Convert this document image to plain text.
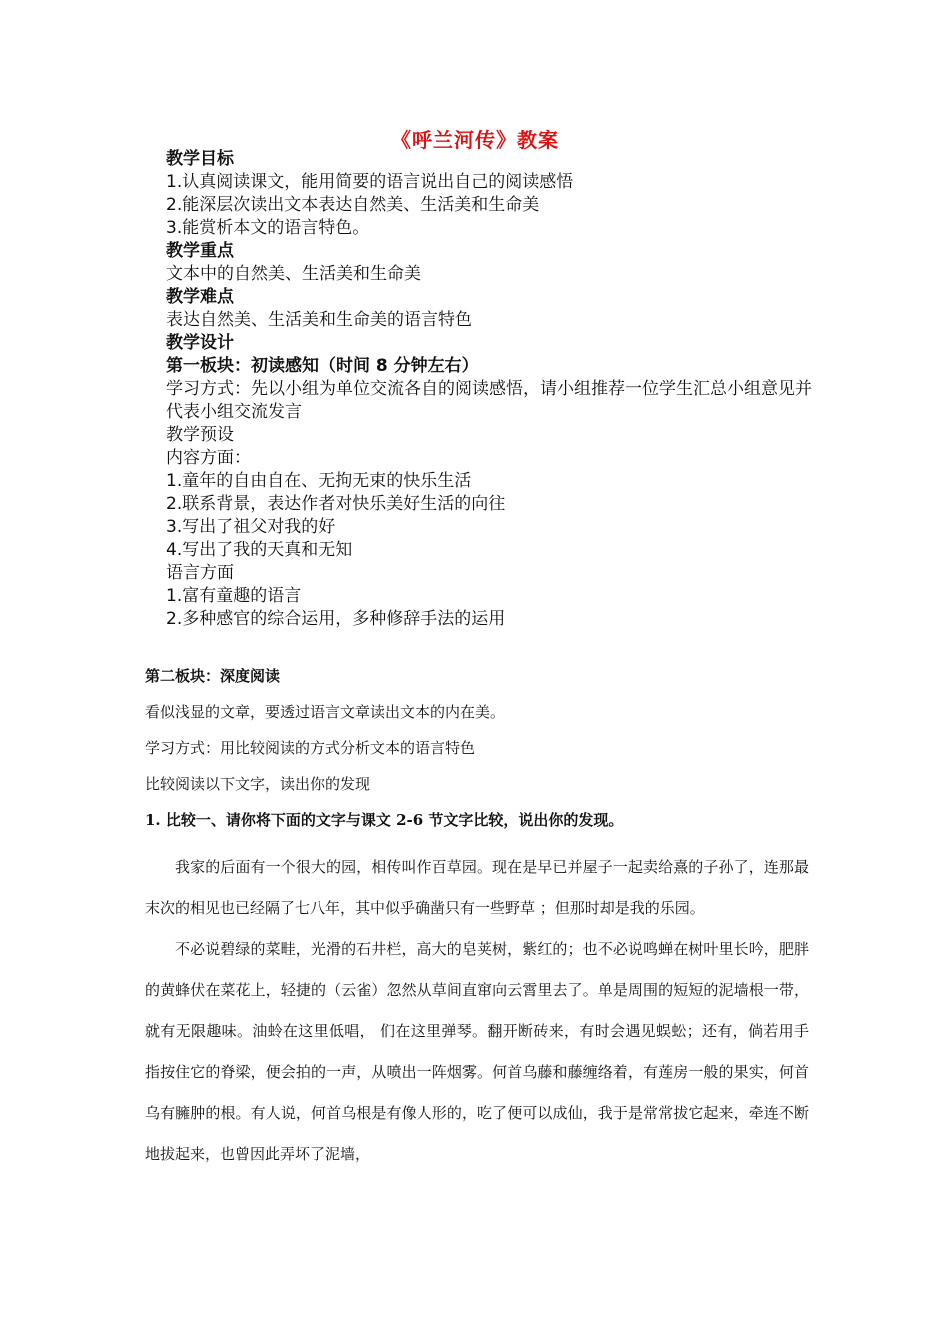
《呼兰河传》教案
教学目标
1.认真阅读课文，能用简要的语言说出自己的阅读感悟
2.能深层次读出文本表达自然美、生活美和生命美
3.能赏析本文的语言特色。
教学重点
文本中的自然美、生活美和生命美
教学难点
表达自然美、生活美和生命美的语言特色
教学设计
第一板块：初读感知（时间 8 分钟左右）
学习方式：先以小组为单位交流各自的阅读感悟，请小组推荐一位学生汇总小组意见并代表小组交流发言
教学预设
内容方面：
1.童年的自由自在、无拘无束的快乐生活
2.联系背景，表达作者对快乐美好生活的向往
3.写出了祖父对我的好
4.写出了我的天真和无知
语言方面
1.富有童趣的语言
2.多种感官的综合运用，多种修辞手法的运用
第二板块：深度阅读
看似浅显的文章，要透过语言文章读出文本的内在美。
学习方式：用比较阅读的方式分析文本的语言特色
比较阅读以下文字，读出你的发现
1. 比较一、请你将下面的文字与课文 2-6 节文字比较，说出你的发现。
我家的后面有一个很大的园，相传叫作百草园。现在是早已并屋子一起卖给熹的子孙了，连那最末次的相见也已经隔了七八年，其中似乎确凿只有一些野草 ；但那时却是我的乐园。
不必说碧绿的菜畦，光滑的石井栏，高大的皂荚树，紫红的；也不必说鸣蝉在树叶里长吟，肥胖的黄蜂伏在菜花上，轻捷的（云雀）忽然从草间直窜向云霄里去了。单是周围的短短的泥墙根一带，就有无限趣味。油蛉在这里低唱， 们在这里弹琴。翻开断砖来，有时会遇见蜈蚣；还有，倘若用手指按住它的脊梁，便会拍的一声，从喷出一阵烟雾。何首乌藤和藤缠络着，有莲房一般的果实，何首乌有臃肿的根。有人说，何首乌根是有像人形的，吃了便可以成仙，我于是常常拔它起来，牵连不断地拔起来，也曾因此弄坏了泥墙，
